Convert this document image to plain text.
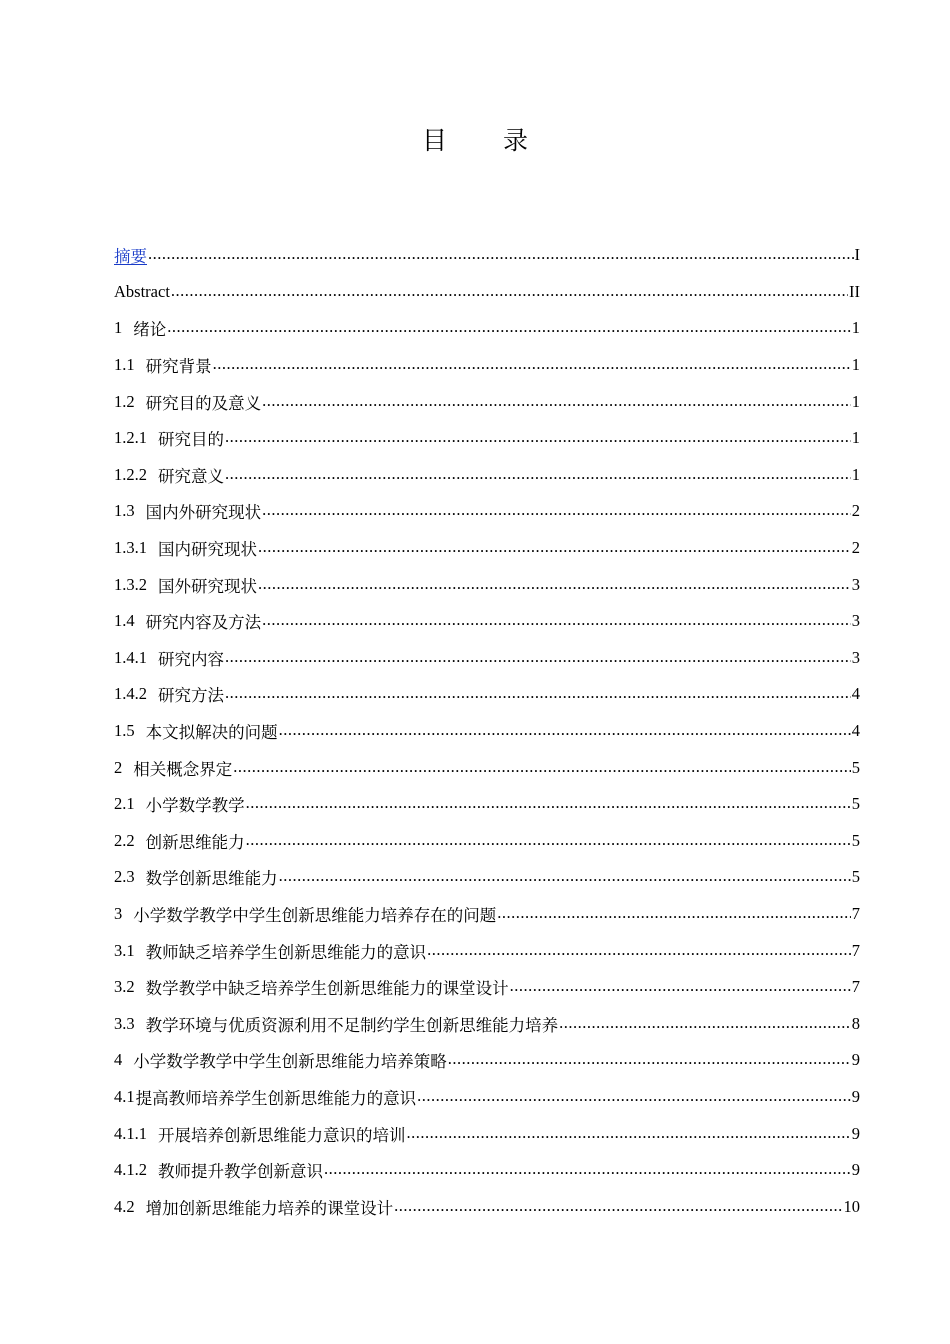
目 录
摘要 .....	I
Abstract .....	II
1 绪论 .....	1
1.1 研究背景 .....	1
1.2 研究目的及意义 .....	1
1.2.1 研究目的 .....	1
1.2.2 研究意义 .....	1
1.3 国内外研究现状 .....	2
1.3.1 国内研究现状 .....	2
1.3.2 国外研究现状 .....	3
1.4 研究内容及方法 .....	3
1.4.1 研究内容 .....	3
1.4.2 研究方法 .....	4
1.5 本文拟解决的问题 .....	4
2 相关概念界定 .....	5
2.1 小学数学教学 .....	5
2.2 创新思维能力 .....	5
2.3 数学创新思维能力 .....	5
3 小学数学教学中学生创新思维能力培养存在的问题 .....	7
3.1 教师缺乏培养学生创新思维能力的意识 .....	7
3.2 数学教学中缺乏培养学生创新思维能力的课堂设计 .....	7
3.3 教学环境与优质资源利用不足制约学生创新思维能力培养 .....	8
4 小学数学教学中学生创新思维能力培养策略 .....	9
4.1 提高教师培养学生创新思维能力的意识 .....	9
4.1.1 开展培养创新思维能力意识的培训 .....	9
4.1.2 教师提升教学创新意识 .....	9
4.2 增加创新思维能力培养的课堂设计 .....	10
